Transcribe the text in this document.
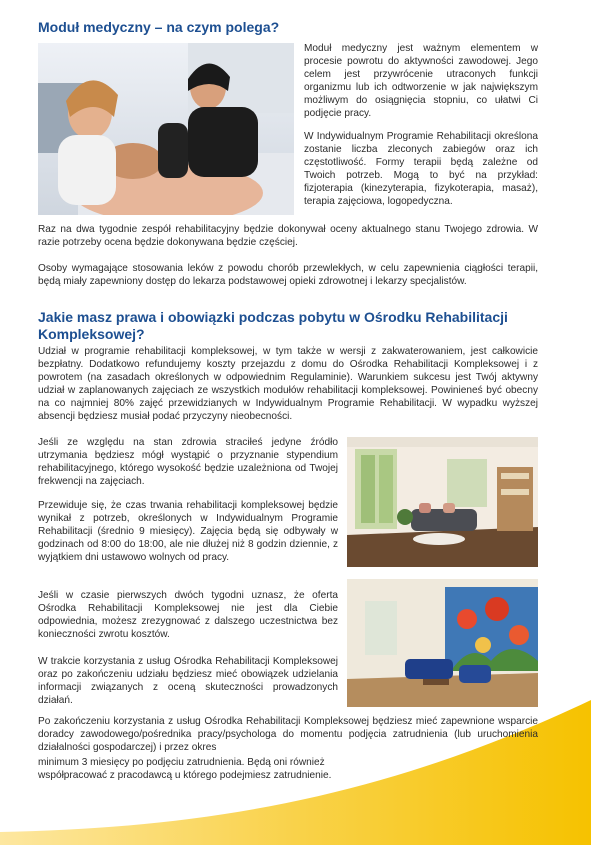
Moduł medyczny – na czym polega?

Moduł medyczny jest ważnym elementem w procesie powrotu do aktywności zawodowej. Jego celem jest przywrócenie utraconych funkcji organizmu lub ich odtworzenie w jak największym możliwym do osiągnięcia stopniu, co ułatwi Ci podjęcie pracy.

W Indywidualnym Programie Rehabilitacji określona zostanie liczba zleconych zabiegów oraz ich częstotliwość. Formy terapii będą zależne od Twoich potrzeb. Mogą to być na przykład: fizjoterapia (kinezyterapia, fizykoterapia, masaż), terapia zajęciowa, logopedyczna.

Raz na dwa tygodnie zespół rehabilitacyjny będzie dokonywał oceny aktualnego stanu Twojego zdrowia. W razie potrzeby ocena będzie dokonywana będzie częściej.

Osoby wymagające stosowania leków z powodu chorób przewlekłych, w celu zapewnienia ciągłości terapii, będą miały zapewniony dostęp do lekarza podstawowej opieki zdrowotnej i lekarzy specjalistów.

Jakie masz prawa i obowiązki podczas pobytu w Ośrodku Rehabilitacji Kompleksowej?

Udział w programie rehabilitacji kompleksowej, w tym także w wersji z zakwaterowaniem, jest całkowicie bezpłatny. Dodatkowo refundujemy koszty przejazdu z domu do Ośrodka Rehabilitacji Kompleksowej i z powrotem (na zasadach określonych w odpowiednim Regulaminie). Warunkiem sukcesu jest Twój aktywny udział w zaplanowanych zajęciach ze wszystkich modułów rehabilitacji kompleksowej. Powinieneś być obecny na co najmniej 80% zajęć przewidzianych w Indywidualnym Programie Rehabilitacji. W wypadku wyższej absencji będziesz musiał podać przyczyny nieobecności.

Jeśli ze względu na stan zdrowia straciłeś jedyne źródło utrzymania będziesz mógł wystąpić o przyznanie stypendium rehabilitacyjnego, którego wysokość będzie uzależniona od Twojej frekwencji na zajęciach.

Przewiduje się, że czas trwania rehabilitacji kompleksowej będzie wynikał z potrzeb, określonych w Indywidualnym Programie Rehabilitacji (średnio 9 miesięcy). Zajęcia będą się odbywały w godzinach od 8:00 do 18:00, ale nie dłużej niż 8 godzin dziennie, z wyjątkiem dni ustawowo wolnych od pracy.

Jeśli w czasie pierwszych dwóch tygodni uznasz, że oferta Ośrodka Rehabilitacji Kompleksowej nie jest dla Ciebie odpowiednia, możesz zrezygnować z dalszego uczestnictwa bez konieczności zwrotu kosztów.

W trakcie korzystania z usług Ośrodka Rehabilitacji Kompleksowej oraz po zakończeniu udziału będziesz mieć obowiązek udzielania informacji związanych z oceną skuteczności prowadzonych działań.

Po zakończeniu korzystania z usług Ośrodka Rehabilitacji Kompleksowej będziesz mieć zapewnione wsparcie doradcy zawodowego/pośrednika pracy/psychologa do momentu podjęcia zatrudnienia (lub uruchomienia działalności gospodarczej) i przez okres

minimum 3 miesięcy po podjęciu zatrudnienia. Będą oni również współpracować z pracodawcą u którego podejmiesz zatrudnienie.
